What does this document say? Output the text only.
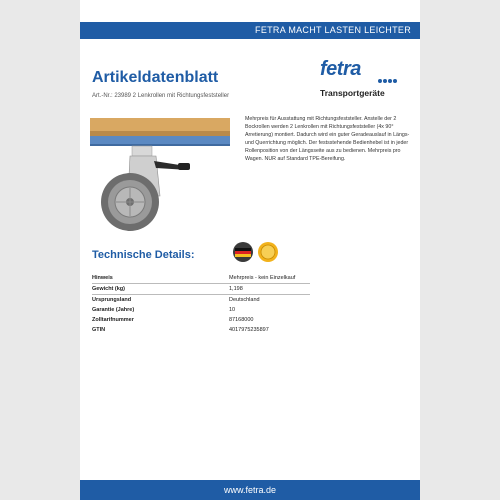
FETRA MACHT LASTEN LEICHTER
Artikeldatenblatt
Art.-Nr.: 23989 2 Lenkrollen mit Richtungsfeststeller
fetra
Transportgeräte
Mehrpreis für Ausstattung mit Richtungsfeststeller. Anstelle der 2 Bockrollen werden 2 Lenkrollen mit Richtungsfeststeller (4x 90° Arretierung) montiert. Dadurch wird ein guter Geradeauslauf in Längs- und Querrichtung möglich. Der festsstehende Bedienhebel ist in jeder Rollenposition von der Längsseite aus zu bedienen. Mehrpreis pro Wagen. NUR auf Standard TPE-Bereifung.
Technische Details:
Hinweis	Mehrpreis - kein Einzelkauf
Gewicht (kg)	1,198
Ursprungsland	Deutschland
Garantie (Jahre)	10
Zolltarifnummer	87168000
GTIN	4017975235897
www.fetra.de
